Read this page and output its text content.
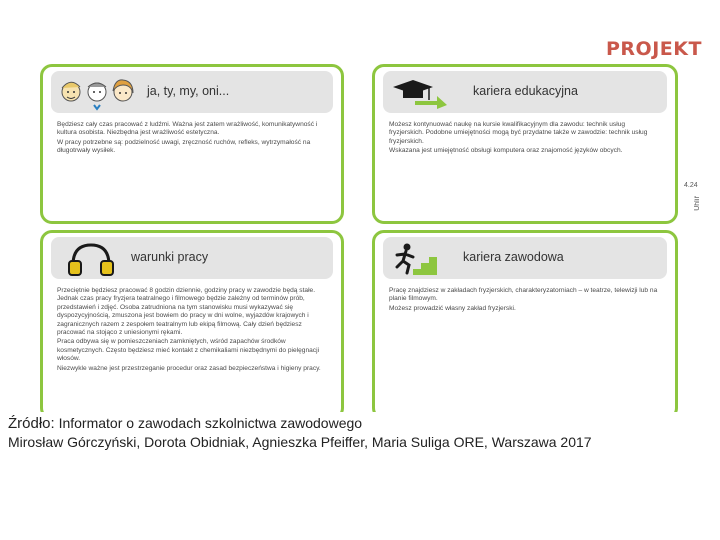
PROJEKT
4.24
Uhlíř
ja, ty, my, oni...

Będziesz cały czas pracować z ludźmi. Ważna jest zatem wrażliwość, komunikatywność i kultura osobista. Niezbędna jest wrażliwość estetyczna.

W pracy potrzebne są: podzielność uwagi, zręczność ruchów, refleks, wytrzymałość na długotrwały wysiłek.

kariera edukacyjna

Możesz kontynuować naukę na kursie kwalifikacyjnym dla zawodu: technik usług fryzjerskich. Podobne umiejętności mogą być przydatne także w zawodzie: technik usług fryzjerskich.

Wskazana jest umiejętność obsługi komputera oraz znajomość języków obcych.

warunki pracy

Przeciętnie będziesz pracować 8 godzin dziennie, godziny pracy w zawodzie będą stałe. Jednak czas pracy fryzjera teatralnego i filmowego będzie zależny od terminów prób, przedstawień i zdjęć. Osoba zatrudniona na tym stanowisku musi wykazywać się dyspozycyjnością, zmuszona jest bowiem do pracy w dni wolne, wyjazdów krajowych i zagranicznych razem z zespołem teatralnym lub ekipą filmową. Cały dzień będziesz pracować na stojąco z uniesionymi rękami.

Praca odbywa się w pomieszczeniach zamkniętych, wśród zapachów środków kosmetycznych. Często będziesz mieć kontakt z chemikaliami niezbędnymi do pielęgnacji włosów.

Niezwykle ważne jest przestrzeganie procedur oraz zasad bezpieczeństwa i higieny pracy.

kariera zawodowa

Pracę znajdziesz w zakładach fryzjerskich, charakteryzatorniach – w teatrze, telewizji lub na planie filmowym.

Możesz prowadzić własny zakład fryzjerski.

Źródło: Informator o zawodach szkolnictwa zawodowego
Mirosław Górczyński, Dorota Obidniak, Agnieszka Pfeiffer, Maria Suliga ORE, Warszawa 2017
